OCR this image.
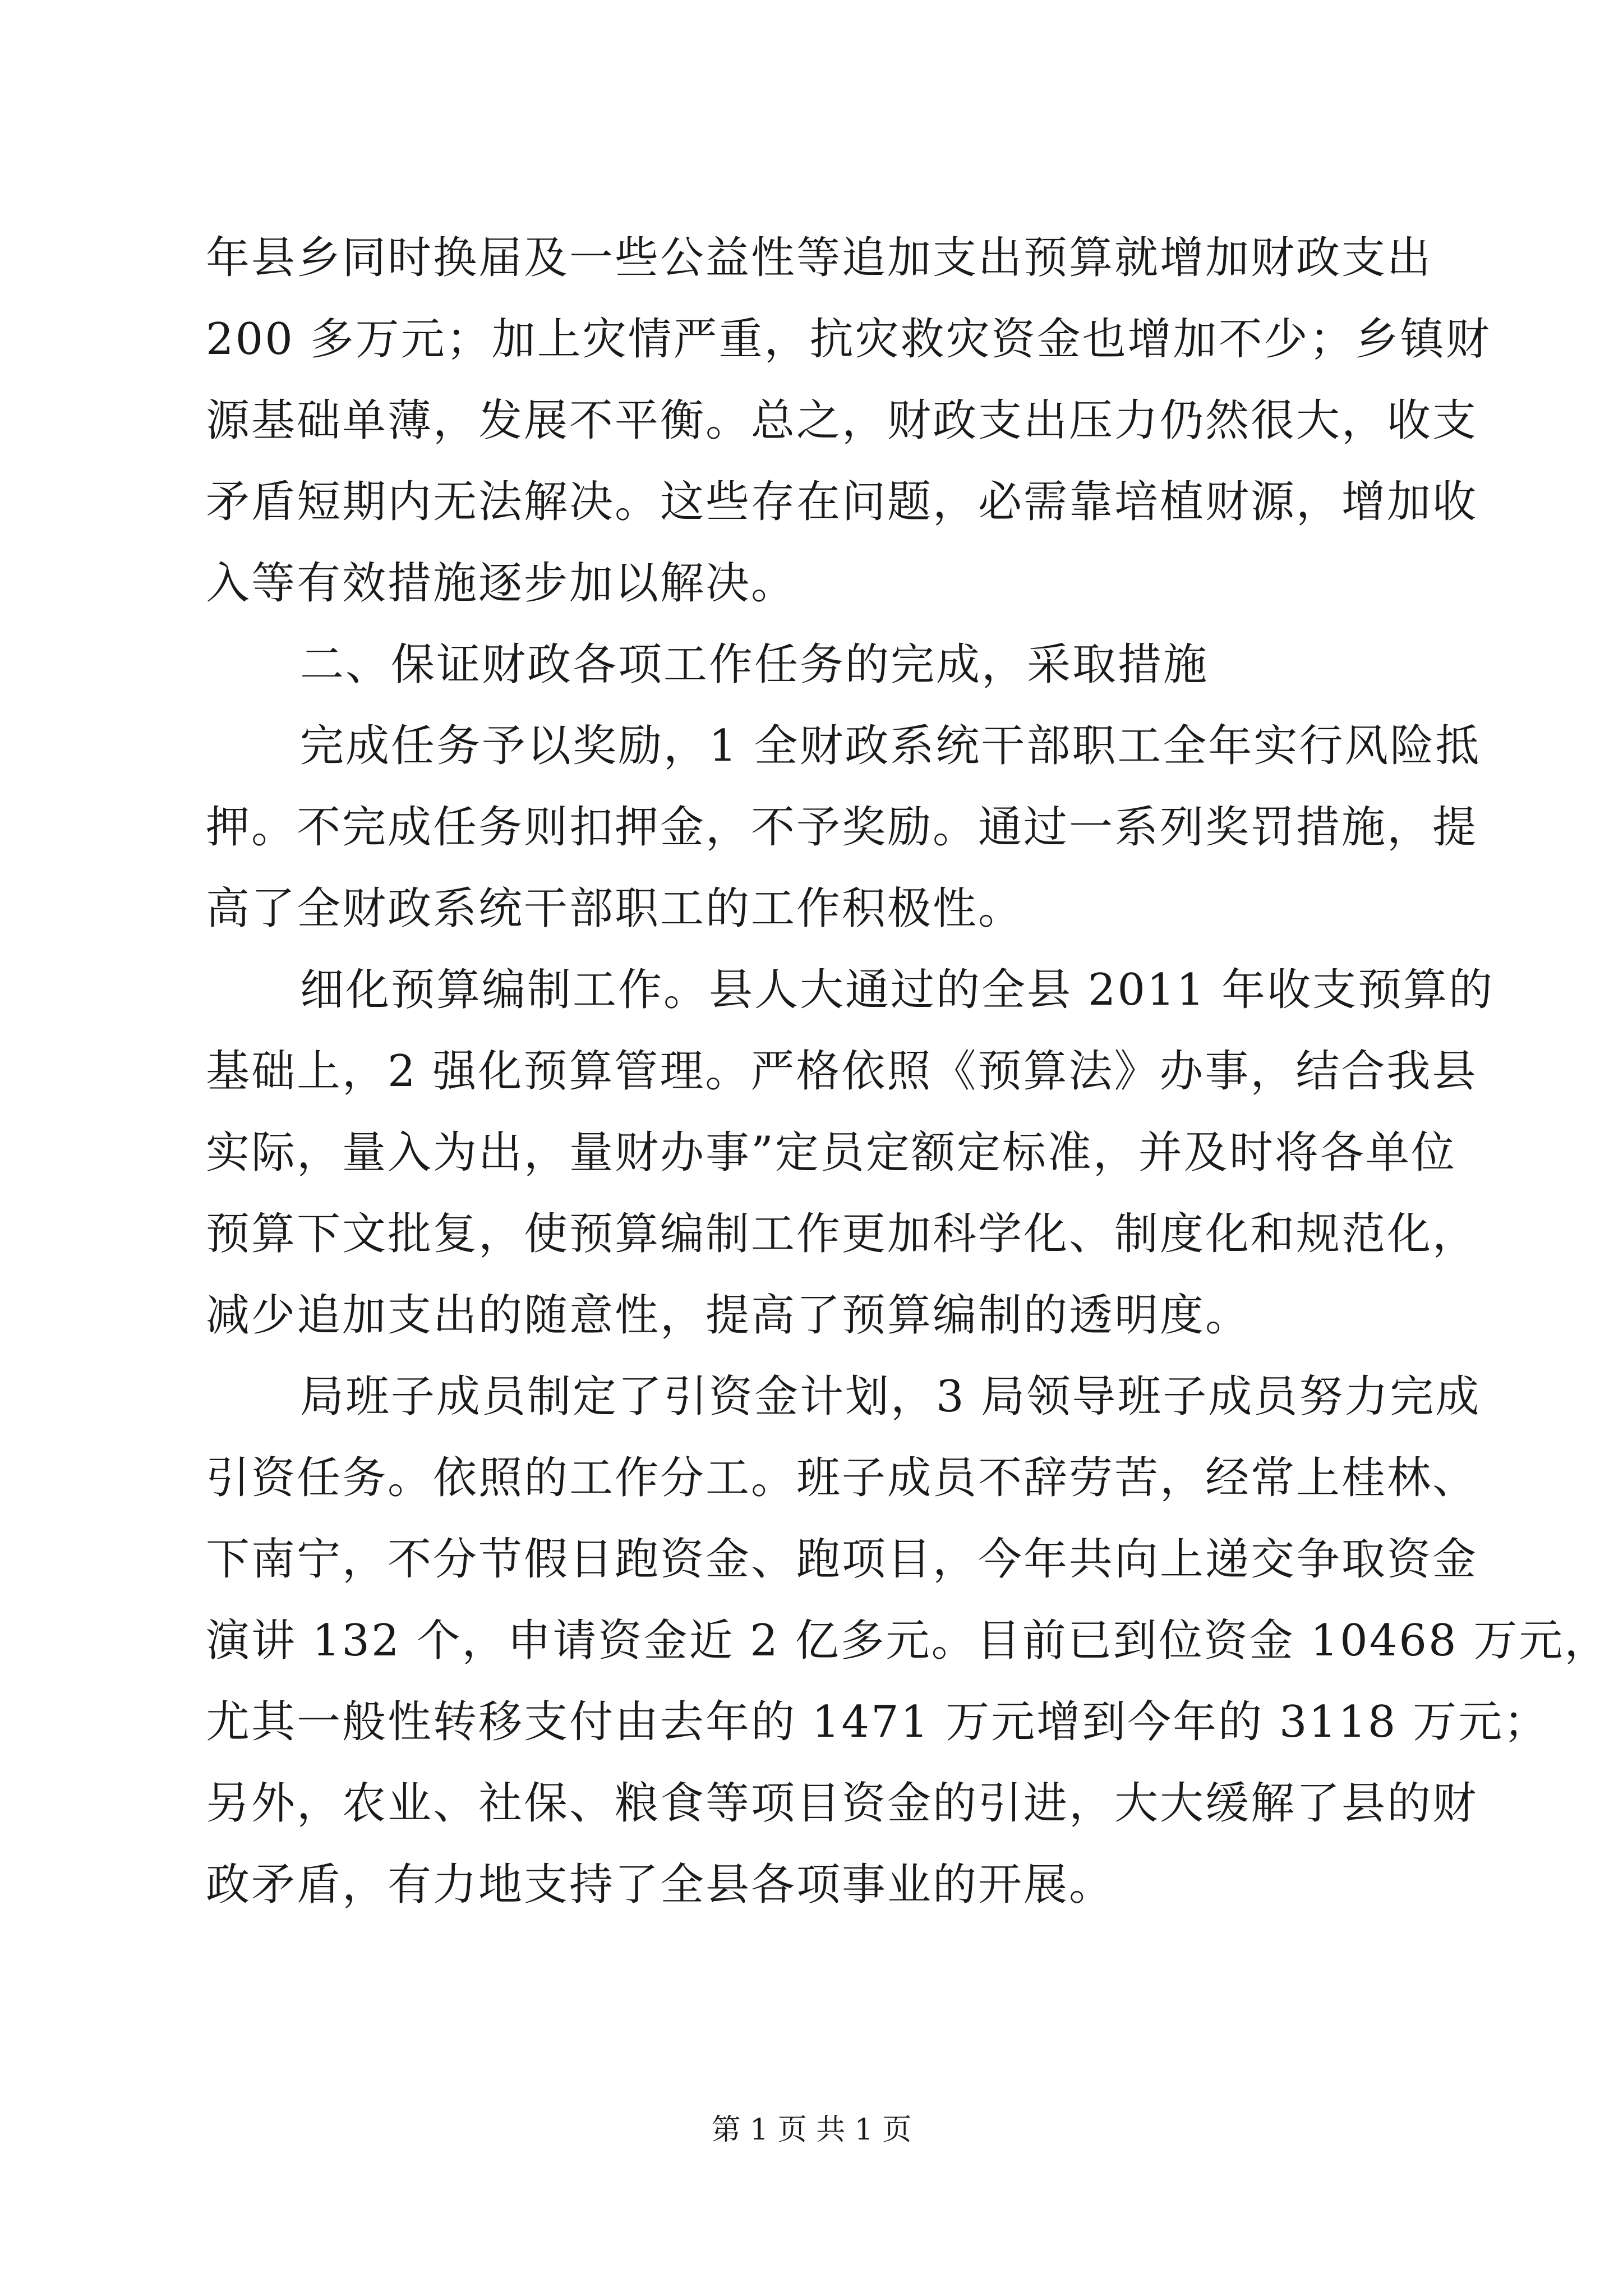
年县乡同时换届及一些公益性等追加支出预算就增加财政支出
200 多万元；加上灾情严重，抗灾救灾资金也增加不少；乡镇财
源基础单薄，发展不平衡。总之，财政支出压力仍然很大，收支
矛盾短期内无法解决。这些存在问题，必需靠培植财源，增加收
入等有效措施逐步加以解决。
二、保证财政各项工作任务的完成，采取措施
完成任务予以奖励，1 全财政系统干部职工全年实行风险抵
押。不完成任务则扣押金，不予奖励。通过一系列奖罚措施，提
高了全财政系统干部职工的工作积极性。
细化预算编制工作。县人大通过的全县 2011 年收支预算的
基础上，2 强化预算管理。严格依照《预算法》办事，结合我县
实际，量入为出，量财办事”定员定额定标准，并及时将各单位
预算下文批复，使预算编制工作更加科学化、制度化和规范化，
减少追加支出的随意性，提高了预算编制的透明度。
局班子成员制定了引资金计划，3 局领导班子成员努力完成
引资任务。依照的工作分工。班子成员不辞劳苦，经常上桂林、
下南宁，不分节假日跑资金、跑项目，今年共向上递交争取资金
演讲 132 个，申请资金近 2 亿多元。目前已到位资金 10468 万元，
尤其一般性转移支付由去年的 1471 万元增到今年的 3118 万元；
另外，农业、社保、粮食等项目资金的引进，大大缓解了县的财
政矛盾，有力地支持了全县各项事业的开展。
第 1 页 共 1 页
